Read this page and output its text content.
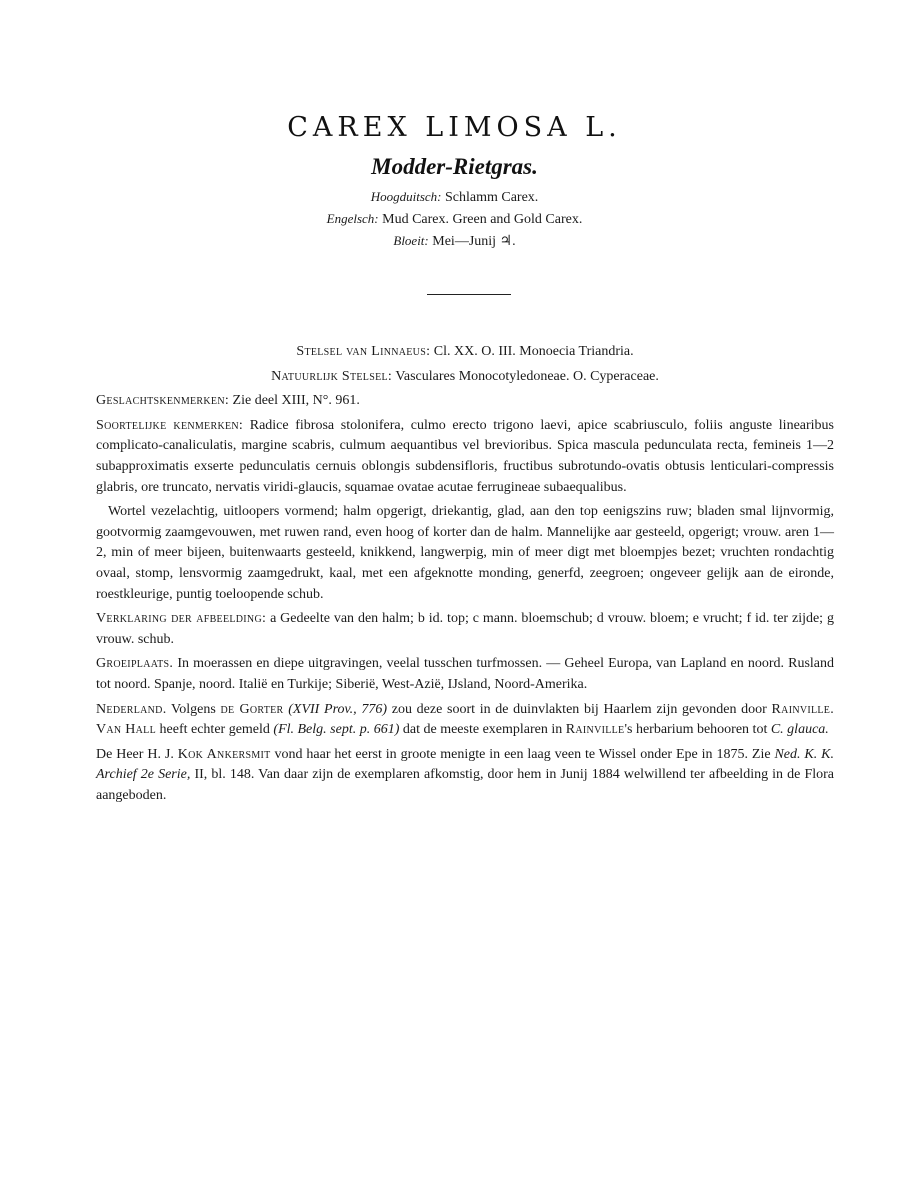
CAREX LIMOSA L.
Modder-Rietgras.
Hoogduitsch: Schlamm Carex.
Engelsch: Mud Carex. Green and Gold Carex.
Bloeit: Mei—Junij ♃.
Stelsel van Linnaeus: Cl. XX. O. III. Monoecia Triandria.
Natuurlijk Stelsel: Vasculares Monocotyledoneae. O. Cyperaceae.
Geslachtskenmerken: Zie deel XIII, N°. 961.
Soortelijke kenmerken: Radice fibrosa stolonifera, culmo erecto trigono laevi, apice scabriusculo, foliis anguste linearibus complicato-canaliculatis, margine scabris, culmum aequantibus vel brevioribus. Spica mascula pedunculata recta, femineis 1—2 subapproximatis exserte pedunculatis cernuis oblongis subdensifloris, fructibus subrotundo-ovatis obtusis lenticulari-compressis glabris, ore truncato, nervatis viridi-glaucis, squamae ovatae acutae ferrugineae subaequalibus.
Wortel vezelachtig, uitloopers vormend; halm opgerigt, driekantig, glad, aan den top eenigszins ruw; bladen smal lijnvormig, gootvormig zaamgevouwen, met ruwen rand, even hoog of korter dan de halm. Mannelijke aar gesteeld, opgerigt; vrouw. aren 1—2, min of meer bijeen, buitenwaarts gesteeld, knikkend, langwerpig, min of meer digt met bloempjes bezet; vruchten rondachtig ovaal, stomp, lensvormig zaamgedrukt, kaal, met een afgeknotte monding, generfd, zeegroen; ongeveer gelijk aan de eironde, roestkleurige, puntig toeloopende schub.
Verklaring der afbeelding: a Gedeelte van den halm; b id. top; c mann. bloemschub; d vrouw. bloem; e vrucht; f id. ter zijde; g vrouw. schub.
Groeiplaats. In moerassen en diepe uitgravingen, veelal tusschen turfmossen. — Geheel Europa, van Lapland en noord. Rusland tot noord. Spanje, noord. Italië en Turkije; Siberië, West-Azië, IJsland, Noord-Amerika.
Nederland. Volgens de Gorter (XVII Prov., 776) zou deze soort in de duinvlakten bij Haarlem zijn gevonden door Rainville. Van Hall heeft echter gemeld (Fl. Belg. sept. p. 661) dat de meeste exemplaren in Rainville's herbarium behooren tot C. glauca.
De Heer H. J. Kok Ankersmit vond haar het eerst in groote menigte in een laag veen te Wissel onder Epe in 1875. Zie Ned. K. K. Archief 2e Serie, II, bl. 148. Van daar zijn de exemplaren afkomstig, door hem in Junij 1884 welwillend ter afbeelding in de Flora aangeboden.
